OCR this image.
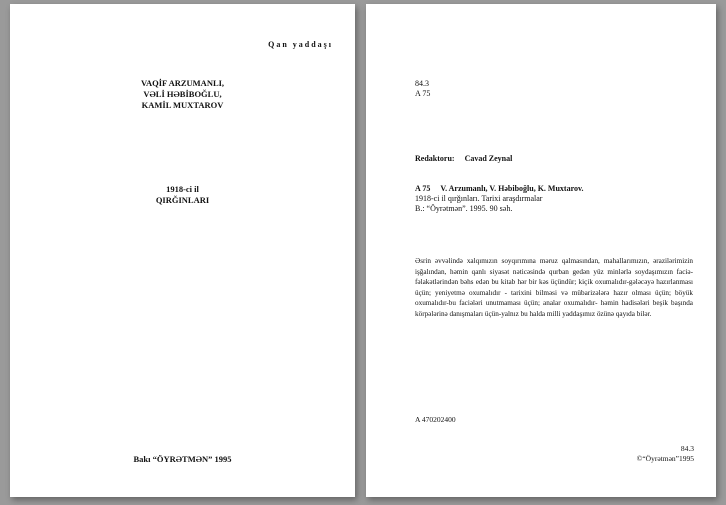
Qan yaddaşı
VAQİF ARZUMANLI,
VƏLİ HƏBİBOĞLU,
KAMİL MUXTAROV
1918-ci il
QIRĞINLARI
Bakı “ÖYRƏTMƏN” 1995
84.3
A 75
Redaktoru: Cavad Zeynal
A 75 V. Arzumanlı, V. Həbiboğlu, K. Muxtarov.
1918-ci il qırğınları. Tarixi araşdırmalar
B.: “Öyrətmən”. 1995. 90 səh.
Əsrin əvvəlində xalqımızın soyqırımına məruz qalmasından, mahallarımızın, ərazilərimizin işğalından, həmin qanlı siyasət nəticəsində qurban gedən yüz minlərlə soydaşımızın faciə-fəlakətlərindən bəhs edən bu kitab hər bir kəs üçündür; kiçik oxumalıdır-gələcəyə hazırlanması üçün; yeniyetmə oxumalıdır - tarixini bilməsi və mübarizələrə hazır olması üçün; böyük oxumalıdır-bu faciələri unutmaması üçün; analar oxumalıdır- həmin hadisələri beşik başında körpələrinə danışmaları üçün-yalnız bu halda milli yaddaşımız özünə qayıda bilər.
A 470202400
84.3
©“Öyrətmən”1995
